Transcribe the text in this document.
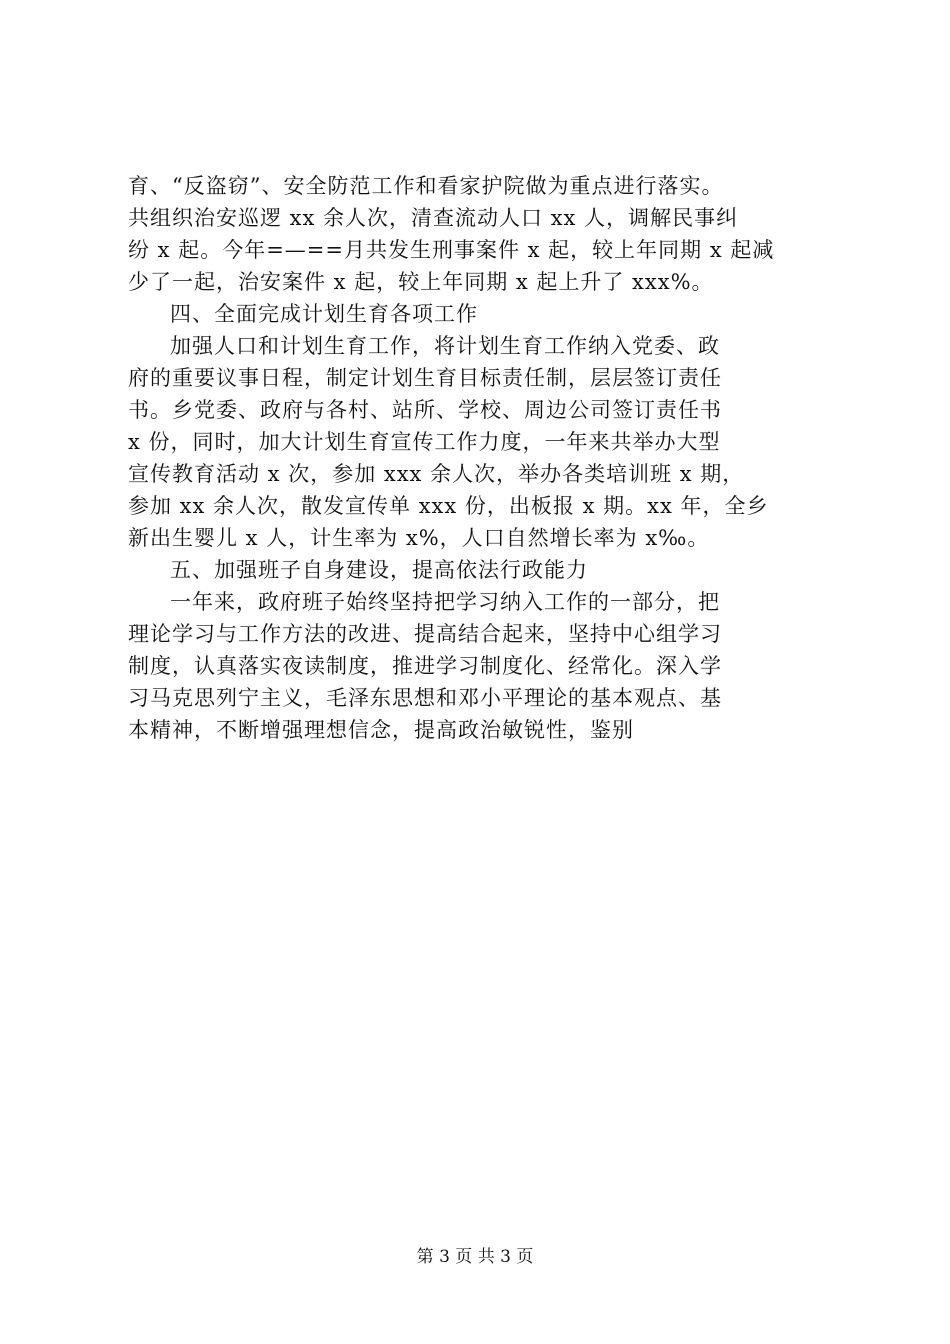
育、“反盗窃”、安全防范工作和看家护院做为重点进行落实。
共组织治安巡逻 xx 余人次，清查流动人口 xx 人，调解民事纠
纷 x 起。今年=—==月共发生刑事案件 x 起，较上年同期 x 起减
少了一起，治安案件 x 起，较上年同期 x 起上升了 xxx%。
四、全面完成计划生育各项工作
加强人口和计划生育工作，将计划生育工作纳入党委、政
府的重要议事日程，制定计划生育目标责任制，层层签订责任
书。乡党委、政府与各村、站所、学校、周边公司签订责任书
x 份，同时，加大计划生育宣传工作力度，一年来共举办大型
宣传教育活动 x 次，参加 xxx 余人次，举办各类培训班 x 期，
参加 xx 余人次，散发宣传单 xxx 份，出板报 x 期。xx 年，全乡
新出生婴儿 x 人，计生率为 x%，人口自然增长率为 x‰。
五、加强班子自身建设，提高依法行政能力
一年来，政府班子始终坚持把学习纳入工作的一部分，把
理论学习与工作方法的改进、提高结合起来，坚持中心组学习
制度，认真落实夜读制度，推进学习制度化、经常化。深入学
习马克思列宁主义，毛泽东思想和邓小平理论的基本观点、基
本精神，不断增强理想信念，提高政治敏锐性，鉴别
第 3 页 共 3 页
